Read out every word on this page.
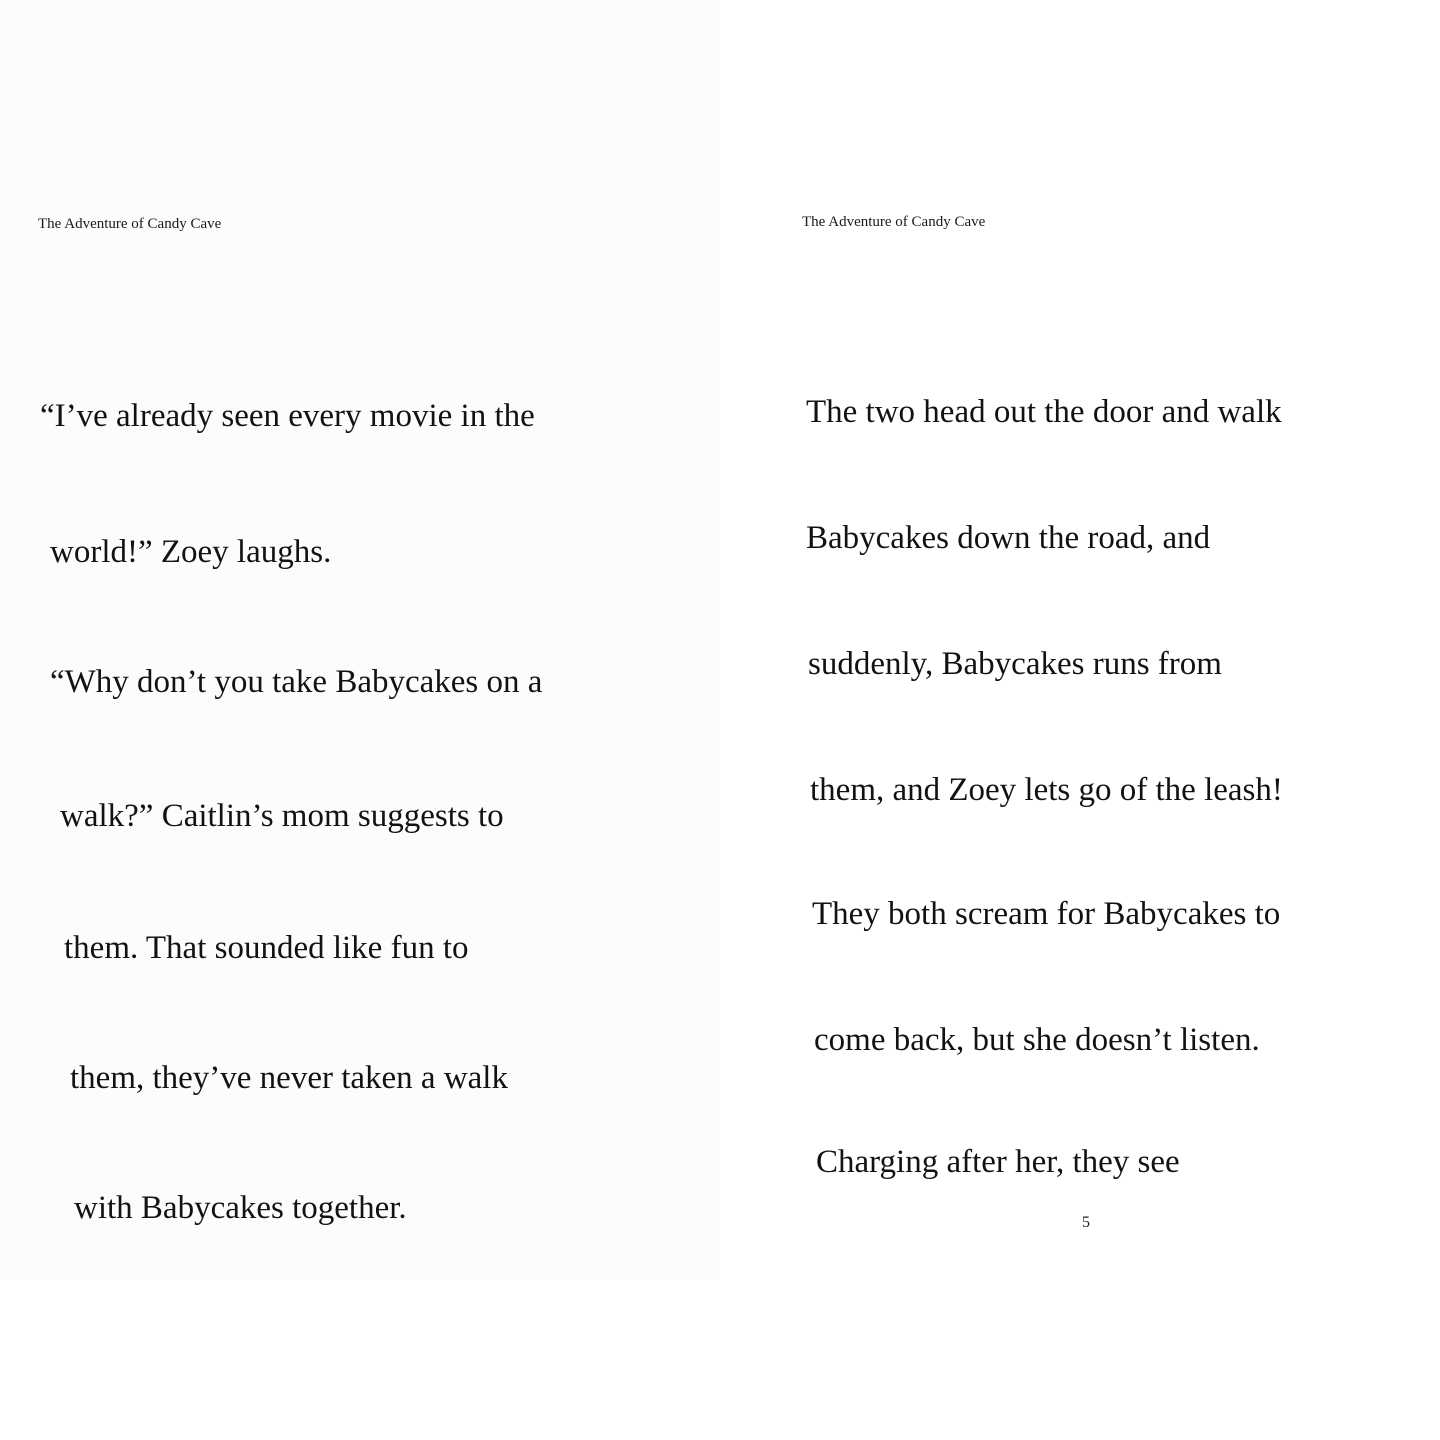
The Adventure of Candy Cave
“I’ve already seen every movie in the
world!” Zoey laughs.
“Why don’t you take Babycakes on a
walk?” Caitlin’s mom suggests to
them. That sounded like fun to
them, they’ve never taken a walk
with Babycakes together.
The Adventure of Candy Cave
The two head out the door and walk
Babycakes down the road, and
suddenly, Babycakes runs from
them, and Zoey lets go of the leash!
They both scream for Babycakes to
come back, but she doesn’t listen.
Charging after her, they see
5
